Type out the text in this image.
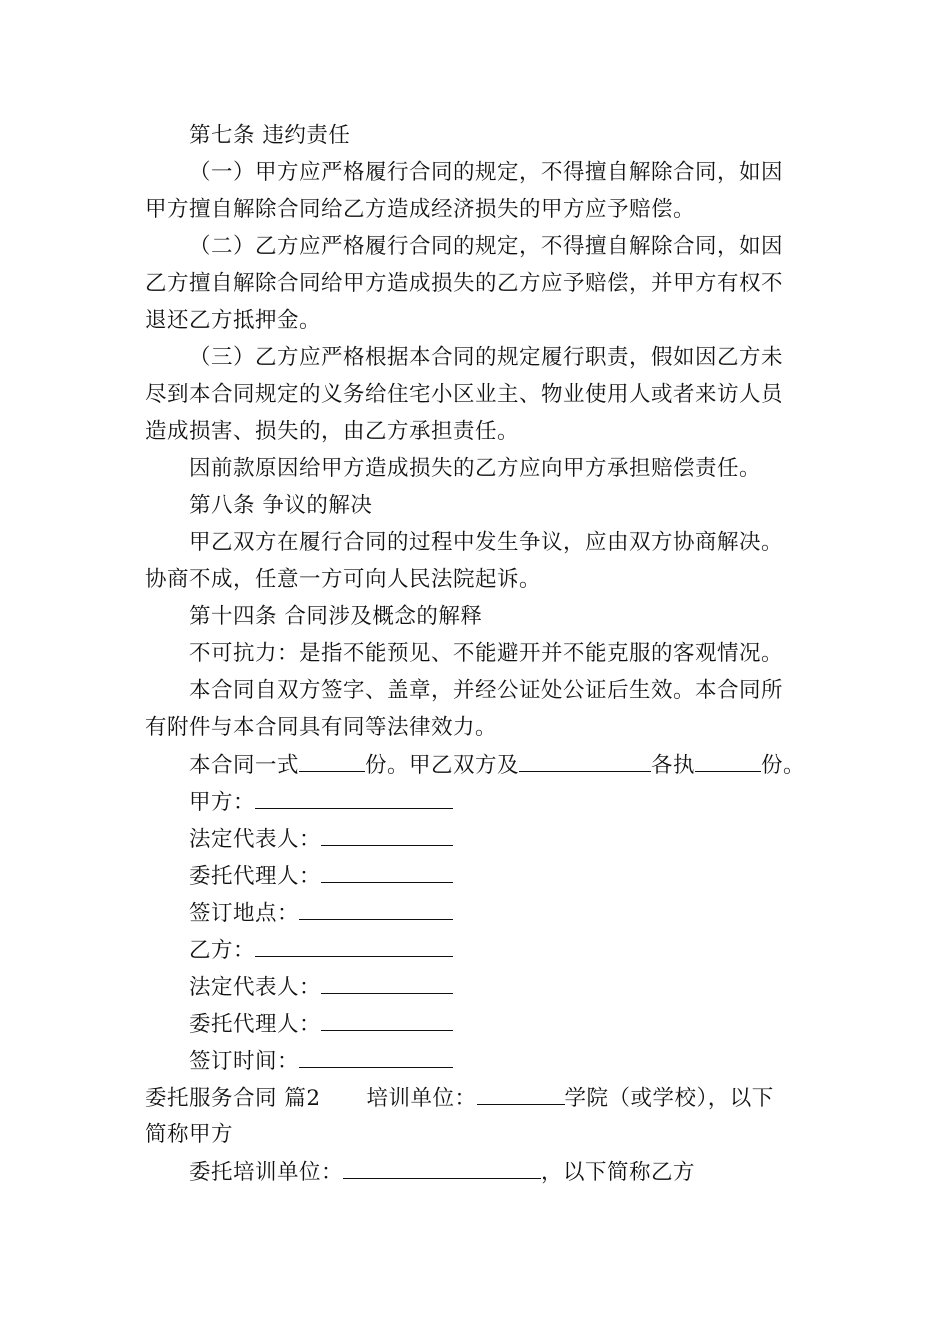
第七条 违约责任
（一）甲方应严格履行合同的规定，不得擅自解除合同，如因
甲方擅自解除合同给乙方造成经济损失的甲方应予赔偿。
（二）乙方应严格履行合同的规定，不得擅自解除合同，如因
乙方擅自解除合同给甲方造成损失的乙方应予赔偿，并甲方有权不
退还乙方抵押金。
（三）乙方应严格根据本合同的规定履行职责，假如因乙方未
尽到本合同规定的义务给住宅小区业主、物业使用人或者来访人员
造成损害、损失的，由乙方承担责任。
因前款原因给甲方造成损失的乙方应向甲方承担赔偿责任。
第八条 争议的解决
甲乙双方在履行合同的过程中发生争议，应由双方协商解决。
协商不成，任意一方可向人民法院起诉。
第十四条 合同涉及概念的解释
不可抗力：是指不能预见、不能避开并不能克服的客观情况。
本合同自双方签字、盖章，并经公证处公证后生效。本合同所
有附件与本合同具有同等法律效力。
本合同一式	份。甲乙双方及	各执	份。
甲方：
法定代表人：
委托代理人：
签订地点：
乙方：
法定代表人：
委托代理人：
签订时间：
委托服务合同 篇2 培训单位：	学院（或学校），以下
简称甲方
委托培训单位：	，以下简称乙方
